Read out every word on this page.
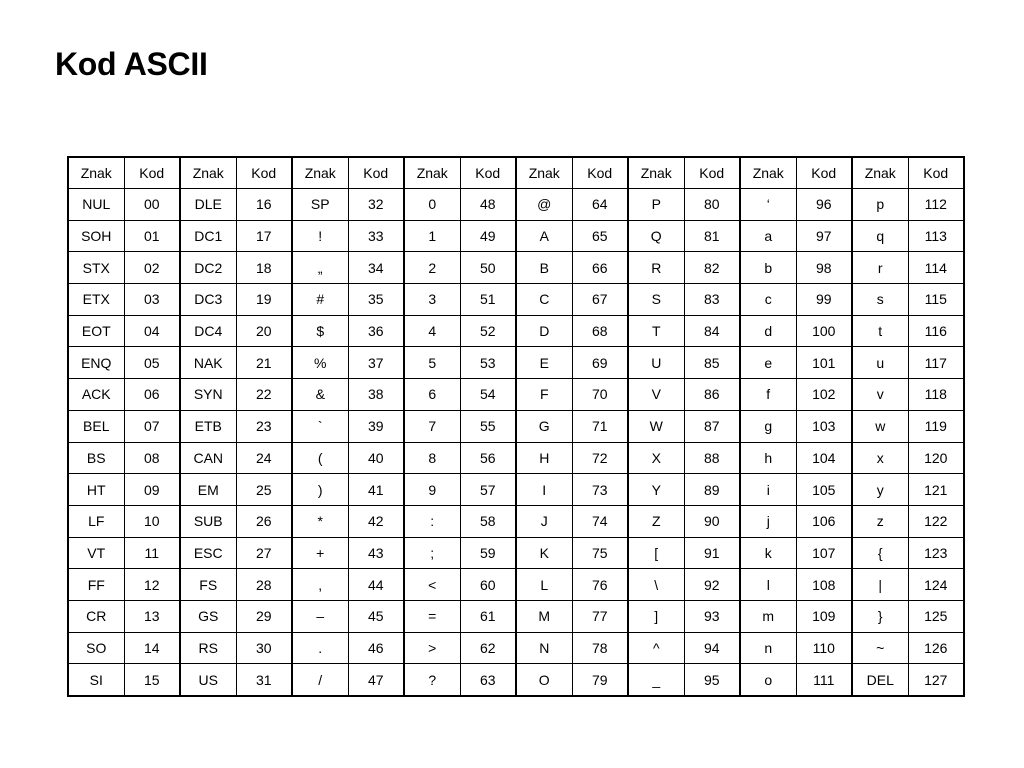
Kod ASCII
Znak	Kod	Znak	Kod	Znak	Kod	Znak	Kod	Znak	Kod	Znak	Kod	Znak	Kod	Znak	Kod
NUL	00	DLE	16	SP	32	0	48	@	64	P	80	‘	96	p	112
SOH	01	DC1	17	!	33	1	49	A	65	Q	81	a	97	q	113
STX	02	DC2	18	„	34	2	50	B	66	R	82	b	98	r	114
ETX	03	DC3	19	#	35	3	51	C	67	S	83	c	99	s	115
EOT	04	DC4	20	$	36	4	52	D	68	T	84	d	100	t	116
ENQ	05	NAK	21	%	37	5	53	E	69	U	85	e	101	u	117
ACK	06	SYN	22	&	38	6	54	F	70	V	86	f	102	v	118
BEL	07	ETB	23	`	39	7	55	G	71	W	87	g	103	w	119
BS	08	CAN	24	(	40	8	56	H	72	X	88	h	104	x	120
HT	09	EM	25	)	41	9	57	I	73	Y	89	i	105	y	121
LF	10	SUB	26	*	42	:	58	J	74	Z	90	j	106	z	122
VT	11	ESC	27	+	43	;	59	K	75	[	91	k	107	{	123
FF	12	FS	28	,	44	<	60	L	76	\	92	l	108	|	124
CR	13	GS	29	–	45	=	61	M	77	]	93	m	109	}	125
SO	14	RS	30	.	46	>	62	N	78	^	94	n	110	~	126
SI	15	US	31	/	47	?	63	O	79	_	95	o	111	DEL	127
